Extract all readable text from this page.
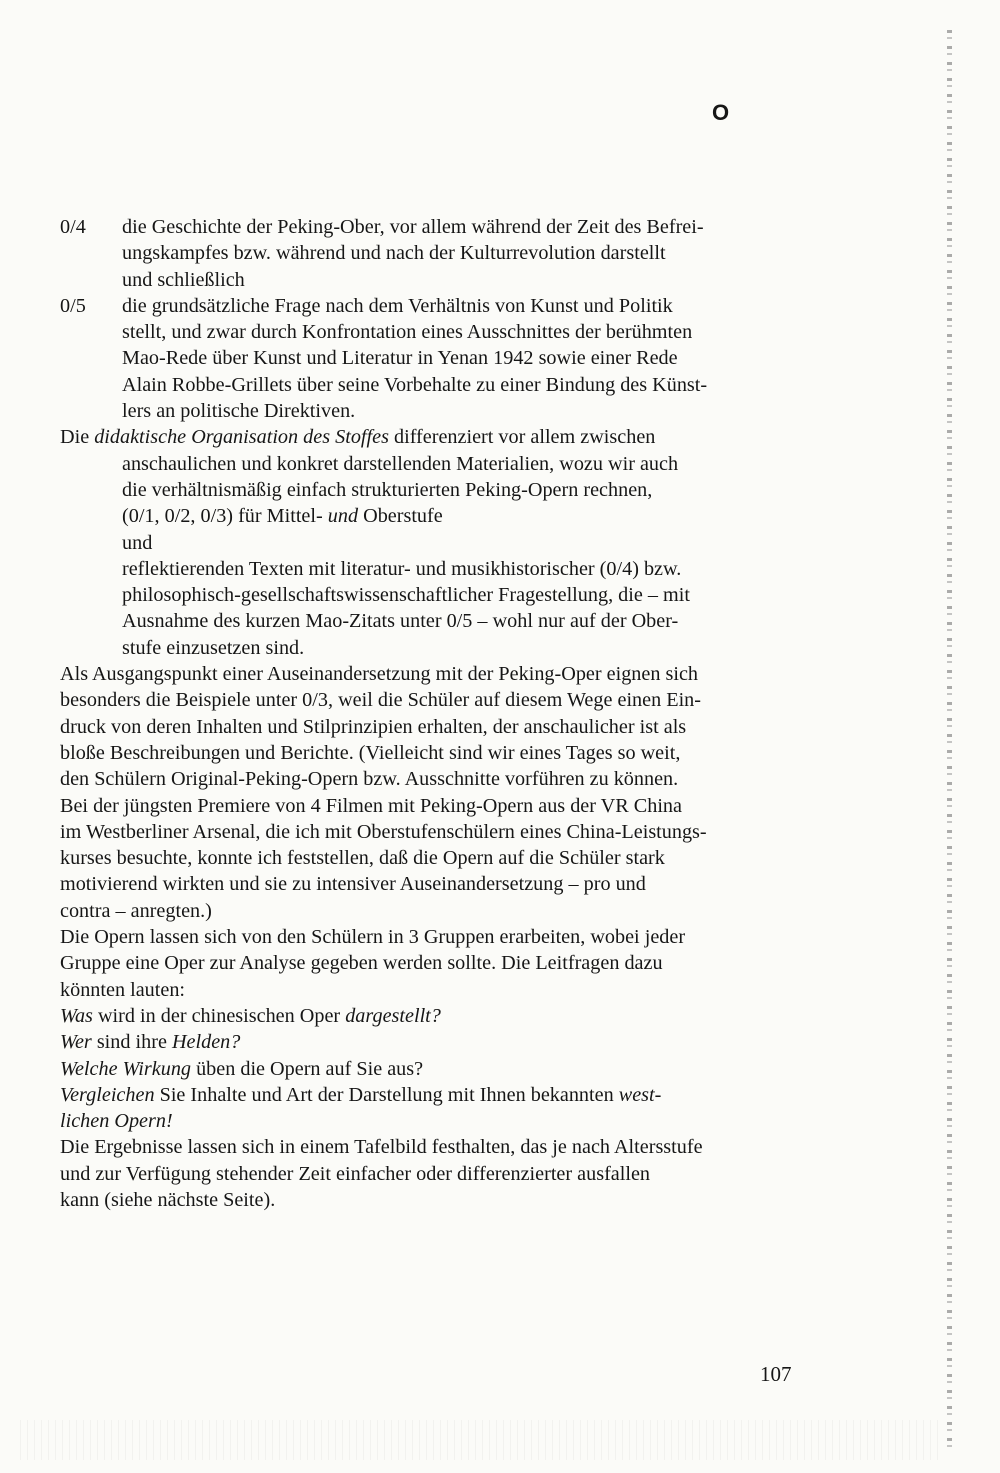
O
0/4 die Geschichte der Peking-Ober, vor allem während der Zeit des Befrei-
ungskampfes bzw. während und nach der Kulturrevolution darstellt
und schließlich
0/5 die grundsätzliche Frage nach dem Verhältnis von Kunst und Politik
stellt, und zwar durch Konfrontation eines Ausschnittes der berühmten
Mao-Rede über Kunst und Literatur in Yenan 1942 sowie einer Rede
Alain Robbe-Grillets über seine Vorbehalte zu einer Bindung des Künst-
lers an politische Direktiven.
Die didaktische Organisation des Stoffes differenziert vor allem zwischen
anschaulichen und konkret darstellenden Materialien, wozu wir auch
die verhältnismäßig einfach strukturierten Peking-Opern rechnen,
(0/1, 0/2, 0/3) für Mittel- und Oberstufe
und
reflektierenden Texten mit literatur- und musikhistorischer (0/4) bzw.
philosophisch-gesellschaftswissenschaftlicher Fragestellung, die – mit
Ausnahme des kurzen Mao-Zitats unter 0/5 – wohl nur auf der Ober-
stufe einzusetzen sind.
Als Ausgangspunkt einer Auseinandersetzung mit der Peking-Oper eignen sich
besonders die Beispiele unter 0/3, weil die Schüler auf diesem Wege einen Ein-
druck von deren Inhalten und Stilprinzipien erhalten, der anschaulicher ist als
bloße Beschreibungen und Berichte. (Vielleicht sind wir eines Tages so weit,
den Schülern Original-Peking-Opern bzw. Ausschnitte vorführen zu können.
Bei der jüngsten Premiere von 4 Filmen mit Peking-Opern aus der VR China
im Westberliner Arsenal, die ich mit Oberstufenschülern eines China-Leistungs-
kurses besuchte, konnte ich feststellen, daß die Opern auf die Schüler stark
motivierend wirkten und sie zu intensiver Auseinandersetzung – pro und
contra – anregten.)
Die Opern lassen sich von den Schülern in 3 Gruppen erarbeiten, wobei jeder
Gruppe eine Oper zur Analyse gegeben werden sollte. Die Leitfragen dazu
könnten lauten:
Was wird in der chinesischen Oper dargestellt?
Wer sind ihre Helden?
Welche Wirkung üben die Opern auf Sie aus?
Vergleichen Sie Inhalte und Art der Darstellung mit Ihnen bekannten west-
lichen Opern!
Die Ergebnisse lassen sich in einem Tafelbild festhalten, das je nach Altersstufe
und zur Verfügung stehender Zeit einfacher oder differenzierter ausfallen
kann (siehe nächste Seite).
107
